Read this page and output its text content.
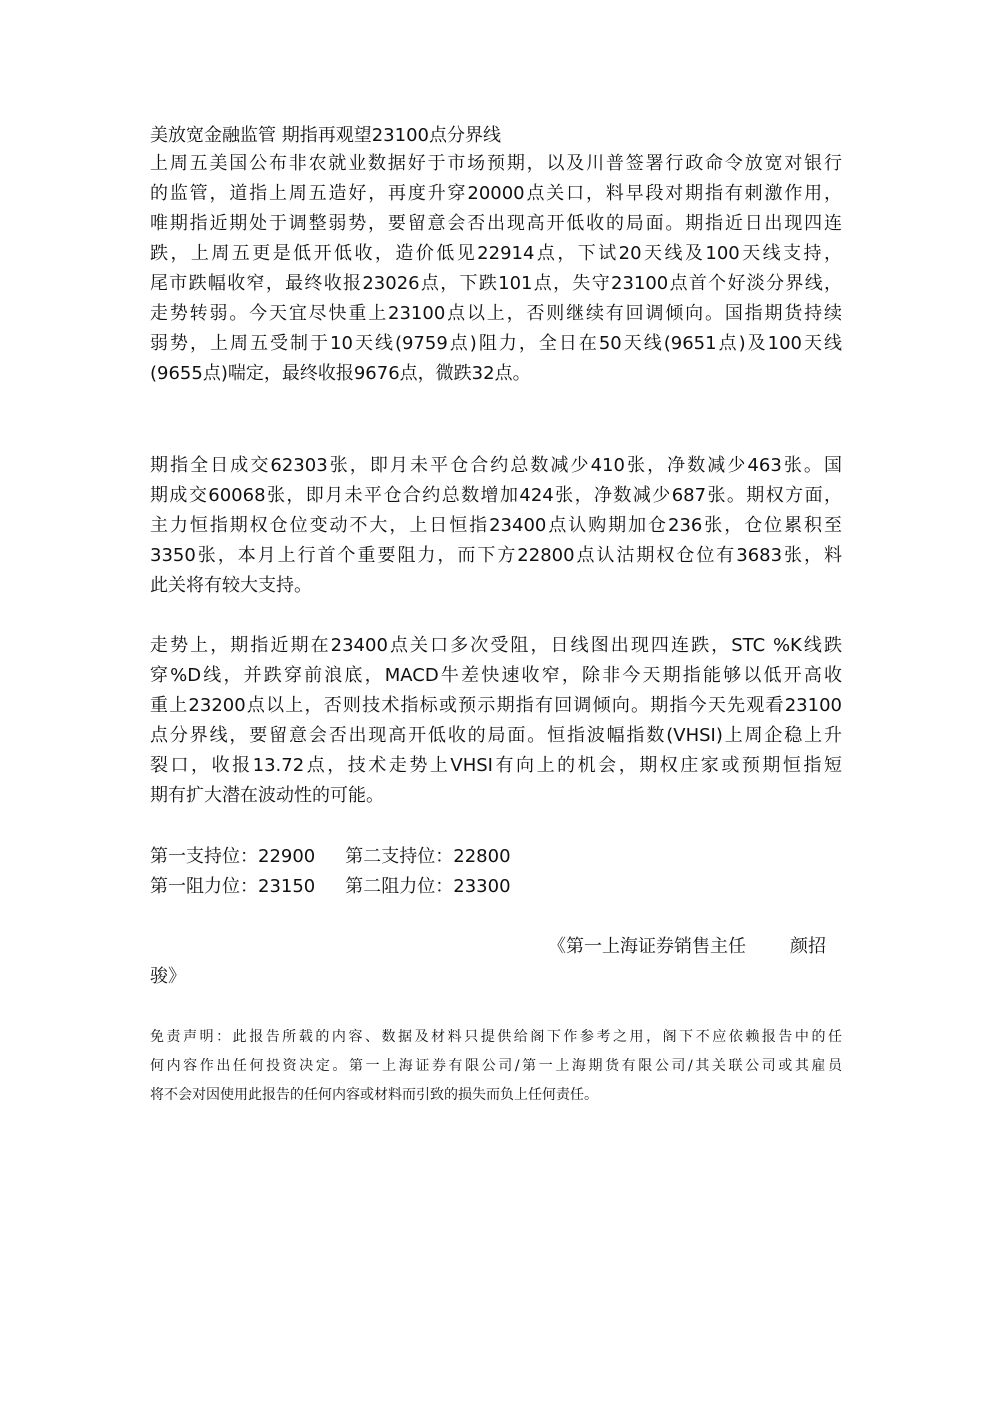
美放宽金融监管 期指再观望23100点分界线
上周五美国公布非农就业数据好于市场预期，以及川普签署行政命令放宽对银行
的监管，道指上周五造好，再度升穿20000点关口，料早段对期指有刺激作用，
唯期指近期处于调整弱势，要留意会否出现高开低收的局面。期指近日出现四连
跌，上周五更是低开低收，造价低见22914点，下试20天线及100天线支持，
尾市跌幅收窄，最终收报23026点，下跌101点，失守23100点首个好淡分界线，
走势转弱。今天宜尽快重上23100点以上，否则继续有回调倾向。国指期货持续
弱势，上周五受制于10天线(9759点)阻力，全日在50天线(9651点)及100天线
(9655点)喘定，最终收报9676点，微跌32点。
期指全日成交62303张，即月未平仓合约总数减少410张，净数减少463张。国
期成交60068张，即月未平仓合约总数增加424张，净数减少687张。期权方面，
主力恒指期权仓位变动不大，上日恒指23400点认购期加仓236张，仓位累积至
3350张，本月上行首个重要阻力，而下方22800点认沽期权仓位有3683张，料
此关将有较大支持。
走势上，期指近期在23400点关口多次受阻，日线图出现四连跌，STC %K线跌
穿%D线，并跌穿前浪底，MACD牛差快速收窄，除非今天期指能够以低开高收
重上23200点以上，否则技术指标或预示期指有回调倾向。期指今天先观看23100
点分界线，要留意会否出现高开低收的局面。恒指波幅指数(VHSI)上周企稳上升
裂口，收报13.72点，技术走势上VHSI有向上的机会，期权庄家或预期恒指短
期有扩大潜在波动性的可能。
第一支持位：22900 第二支持位：22800
第一阻力位：23150 第二阻力位：23300
《第一上海证券销售主任 颜招
骏》
免责声明：此报告所载的内容、数据及材料只提供给阁下作参考之用，阁下不应依赖报告中的任
何内容作出任何投资决定。第一上海证券有限公司/第一上海期货有限公司/其关联公司或其雇员
将不会对因使用此报告的任何内容或材料而引致的损失而负上任何责任。
